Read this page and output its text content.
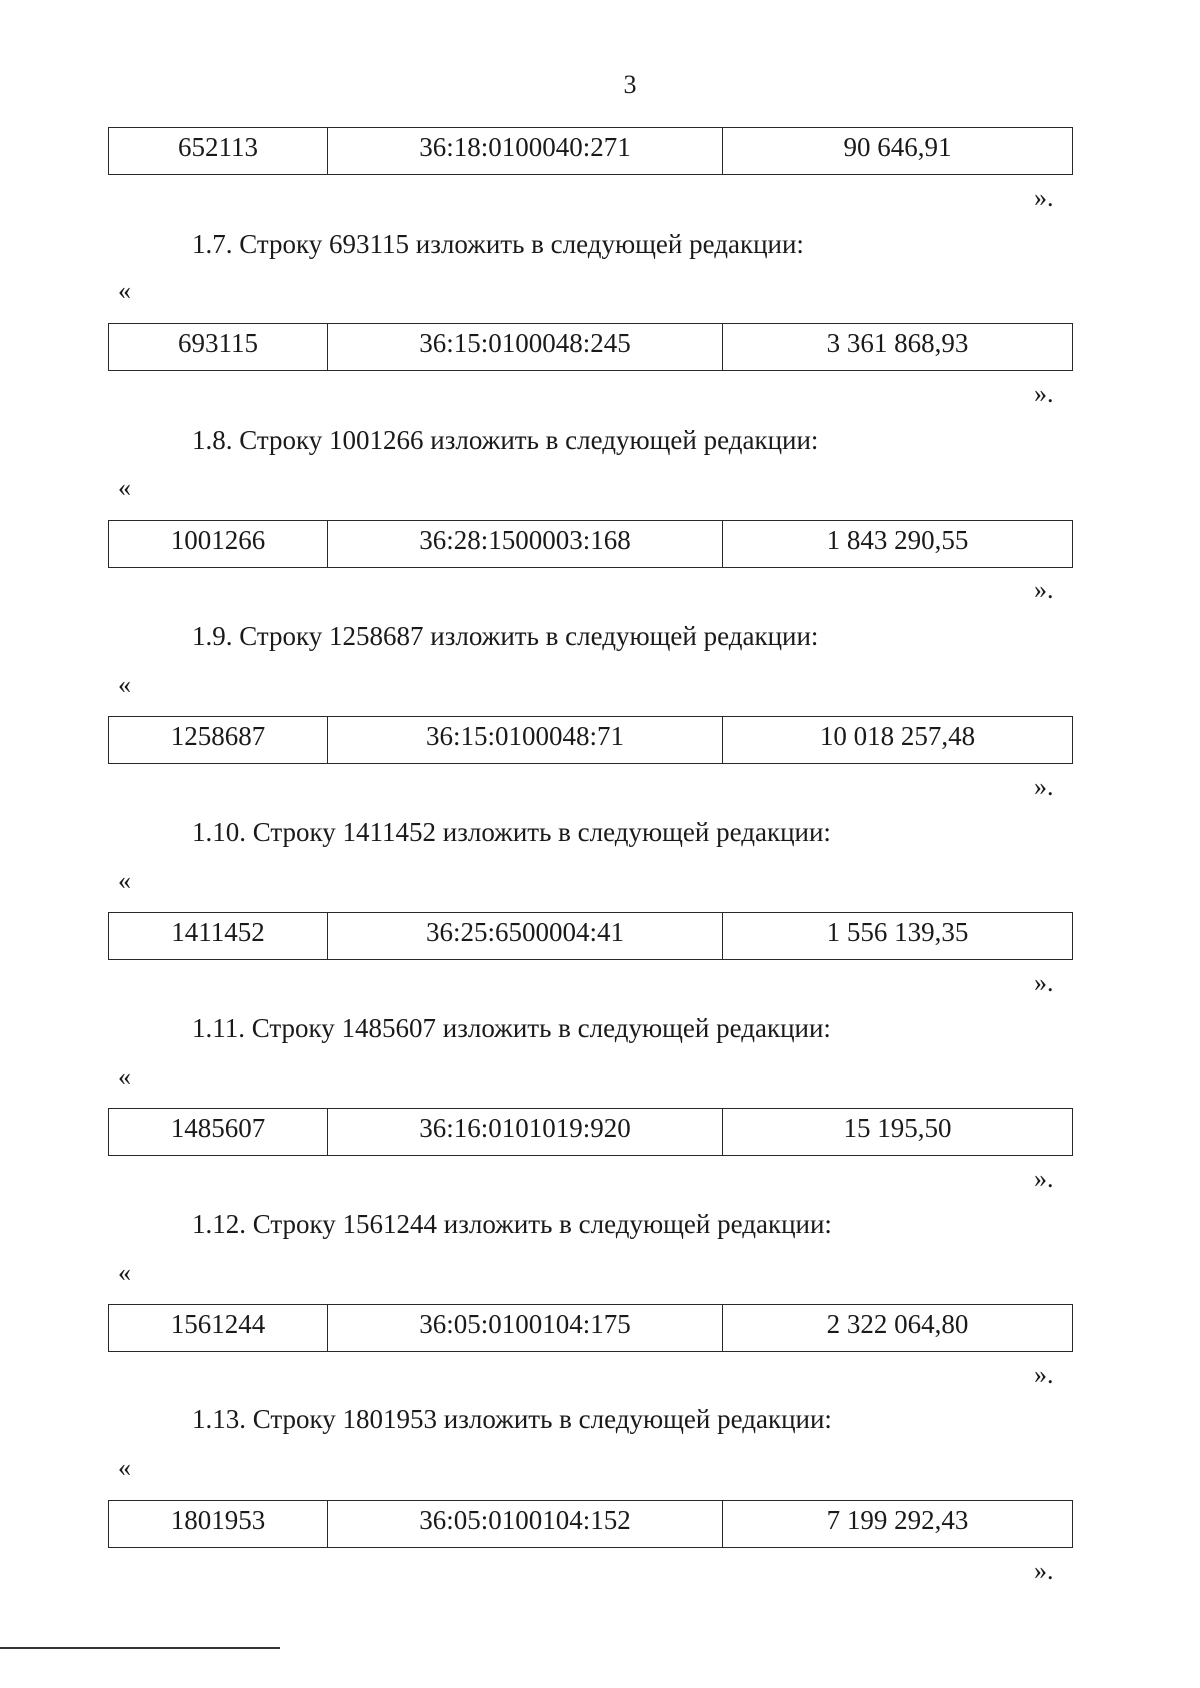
3
652113	36:18:0100040:271	90 646,91
».
1.7. Строку 693115 изложить в следующей редакции:
«
693115	36:15:0100048:245	3 361 868,93
».
1.8. Строку 1001266 изложить в следующей редакции:
«
1001266	36:28:1500003:168	1 843 290,55
».
1.9. Строку 1258687 изложить в следующей редакции:
«
1258687	36:15:0100048:71	10 018 257,48
».
1.10. Строку 1411452 изложить в следующей редакции:
«
1411452	36:25:6500004:41	1 556 139,35
».
1.11. Строку 1485607 изложить в следующей редакции:
«
1485607	36:16:0101019:920	15 195,50
».
1.12. Строку 1561244 изложить в следующей редакции:
«
1561244	36:05:0100104:175	2 322 064,80
».
1.13. Строку 1801953 изложить в следующей редакции:
«
1801953	36:05:0100104:152	7 199 292,43
».
